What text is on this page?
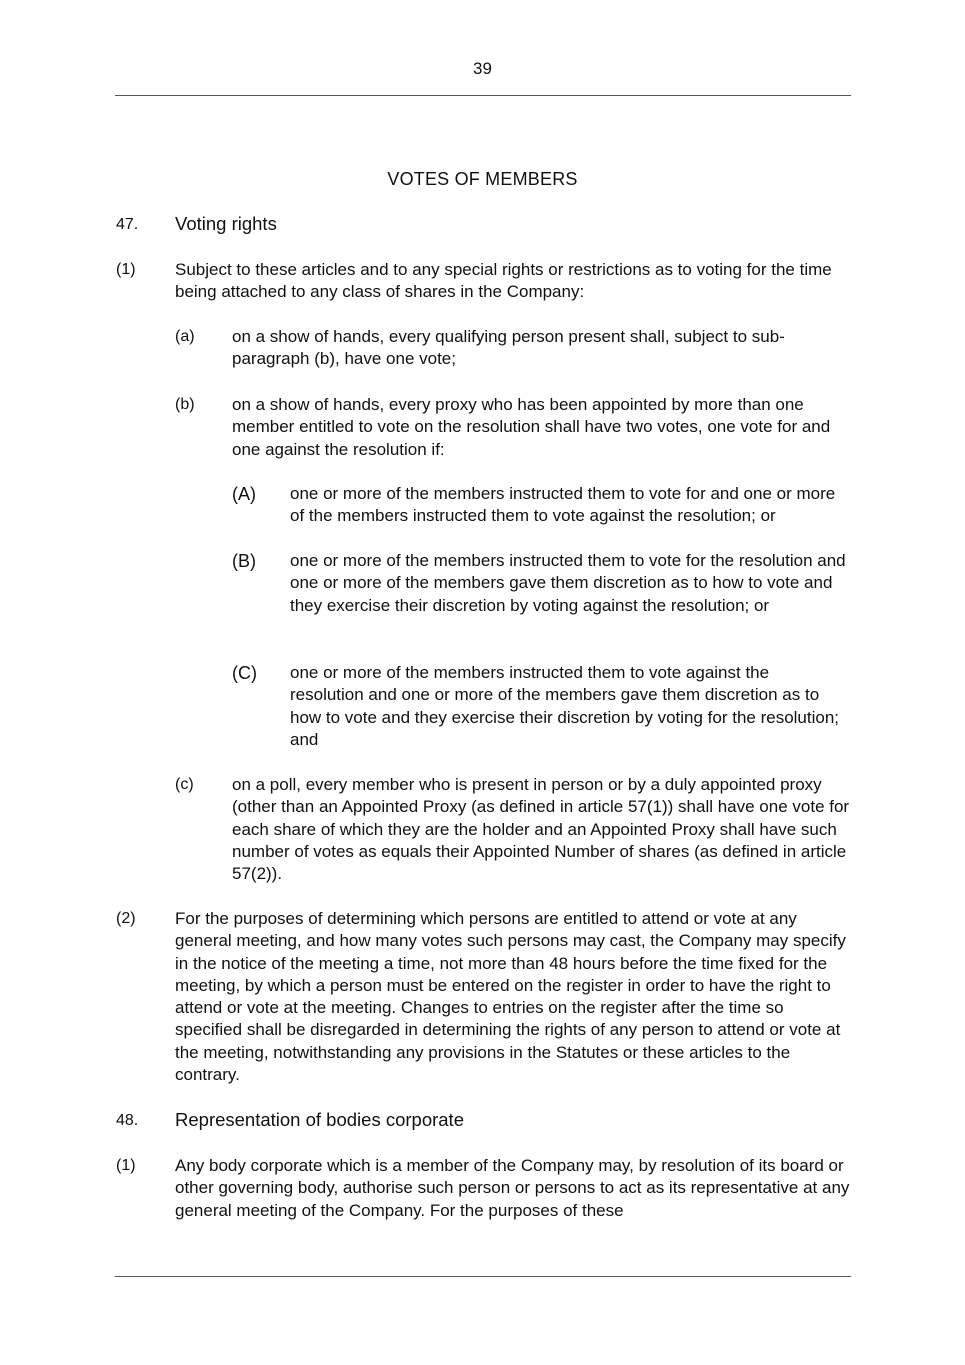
39
VOTES OF MEMBERS
47. Voting rights
(1) Subject to these articles and to any special rights or restrictions as to voting for the time being attached to any class of shares in the Company:
(a) on a show of hands, every qualifying person present shall, subject to sub-paragraph (b), have one vote;
(b) on a show of hands, every proxy who has been appointed by more than one member entitled to vote on the resolution shall have two votes, one vote for and one against the resolution if:
(A) one or more of the members instructed them to vote for and one or more of the members instructed them to vote against the resolution; or
(B) one or more of the members instructed them to vote for the resolution and one or more of the members gave them discretion as to how to vote and they exercise their discretion by voting against the resolution; or
(C) one or more of the members instructed them to vote against the resolution and one or more of the members gave them discretion as to how to vote and they exercise their discretion by voting for the resolution; and
(c) on a poll, every member who is present in person or by a duly appointed proxy (other than an Appointed Proxy (as defined in article 57(1)) shall have one vote for each share of which they are the holder and an Appointed Proxy shall have such number of votes as equals their Appointed Number of shares (as defined in article 57(2)).
(2) For the purposes of determining which persons are entitled to attend or vote at any general meeting, and how many votes such persons may cast, the Company may specify in the notice of the meeting a time, not more than 48 hours before the time fixed for the meeting, by which a person must be entered on the register in order to have the right to attend or vote at the meeting. Changes to entries on the register after the time so specified shall be disregarded in determining the rights of any person to attend or vote at the meeting, notwithstanding any provisions in the Statutes or these articles to the contrary.
48. Representation of bodies corporate
(1) Any body corporate which is a member of the Company may, by resolution of its board or other governing body, authorise such person or persons to act as its representative at any general meeting of the Company. For the purposes of these
